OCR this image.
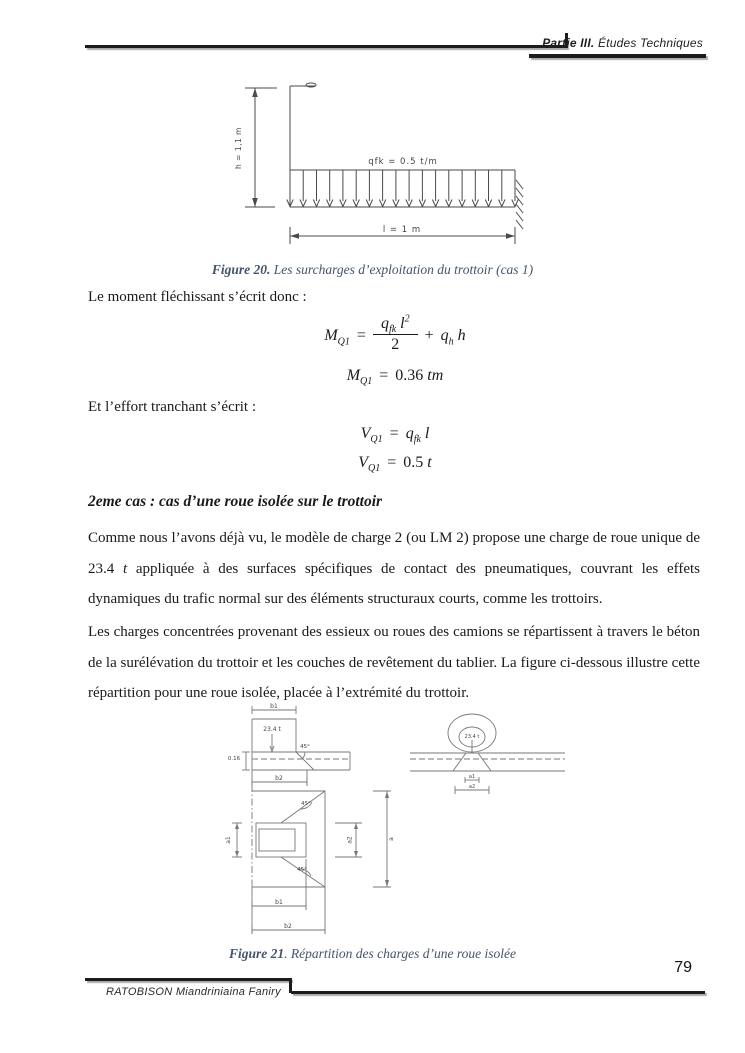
Partie III. Études Techniques
h = 1,1 m	qfk = 0.5 t/m
l = 1 m
Figure 20. Les surcharges d’exploitation du trottoir (cas 1)
Le moment fléchissant s’écrit donc :
$M_{Q1} = \frac{q_{fk} l^2}{2} + q_h$ h
$M_{Q1} = 0.36$ tm
Et l’effort tranchant s’écrit :
$V_{Q1} = q_{fk}$ l
$V_{Q1} = 0.5$ t
2eme cas : cas d’une roue isolée sur le trottoir
Comme nous l’avons déjà vu, le modèle de charge 2 (ou LM 2) propose une charge de roue unique de 23.4 t appliquée à des surfaces spécifiques de contact des pneumatiques, couvrant les effets dynamiques du trafic normal sur des éléments structuraux courts, comme les trottoirs.
Les charges concentrées provenant des essieux ou roues des camions se répartissent à travers le béton de la surélévation du trottoir et les couches de revêtement du tablier. La figure ci-dessous illustre cette répartition pour une roue isolée, placée à l’extrémité du trottoir.
b1
23.4 t
45°
0.16
b2
23.4 t
a1
a2
a1
45°
45°
a2	a
b1
b2
Figure 21. Répartition des charges d’une roue isolée
79
RATOBISON Miandriniaina Faniry
